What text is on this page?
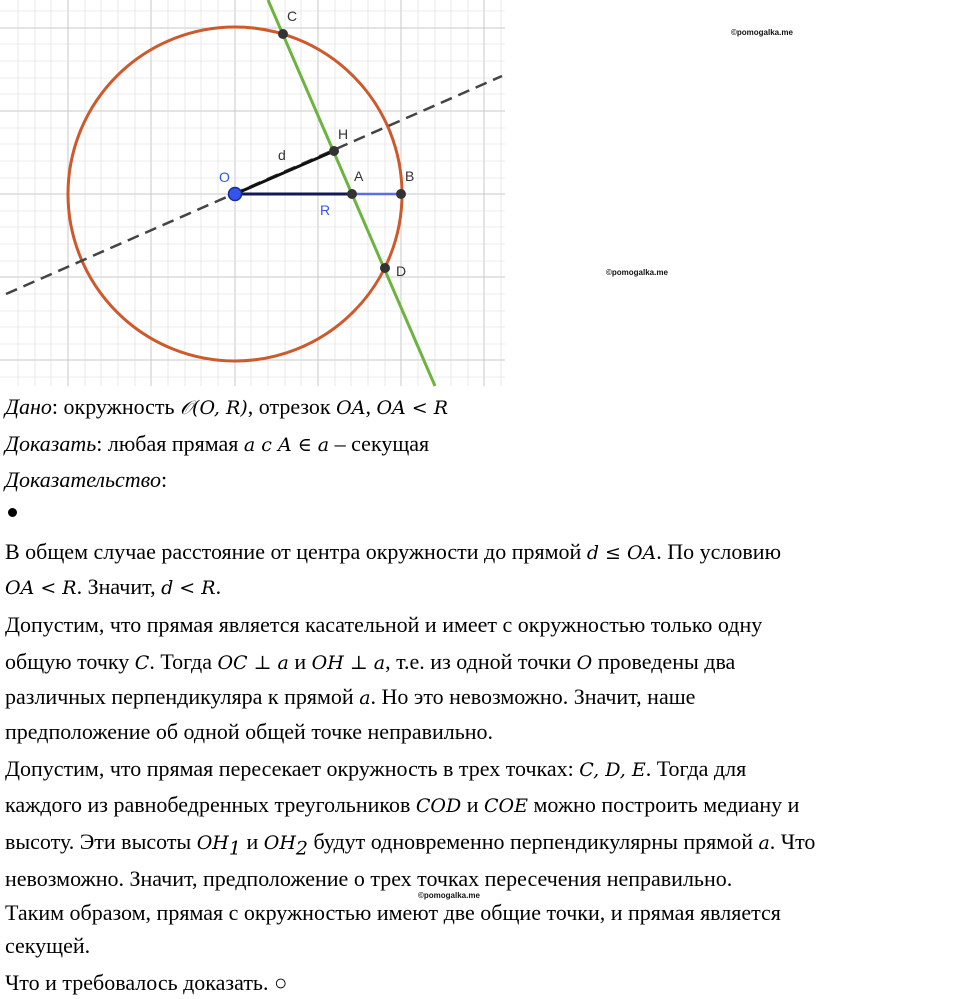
C
H
d
O	A	B
R
D
©pomogalka.me
©pomogalka.me
©pomogalka.me
Дано: окружность 𝒪(O, R), отрезок OA, OA < R
Доказать: любая прямая a c A ∈ a – секущая
Доказательство:
В общем случае расстояние от центра окружности до прямой d ≤ OA. По условию
OA < R. Значит, d < R.
Допустим, что прямая является касательной и имеет с окружностью только одну
общую точку C. Тогда OC ⊥ a и OH ⊥ a, т.е. из одной точки O проведены два
различных перпендикуляра к прямой a. Но это невозможно. Значит, наше
предположение об одной общей точке неправильно.
Допустим, что прямая пересекает окружность в трех точках: C, D, E. Тогда для
каждого из равнобедренных треугольников COD и COE можно построить медиану и
высоту. Эти высоты $OH_1$ и $OH_2$ будут одновременно перпендикулярны прямой a. Что
невозможно. Значит, предположение о трех точках пересечения неправильно.
Таким образом, прямая с окружностью имеют две общие точки, и прямая является
секущей.
Что и требовалось доказать. ○
